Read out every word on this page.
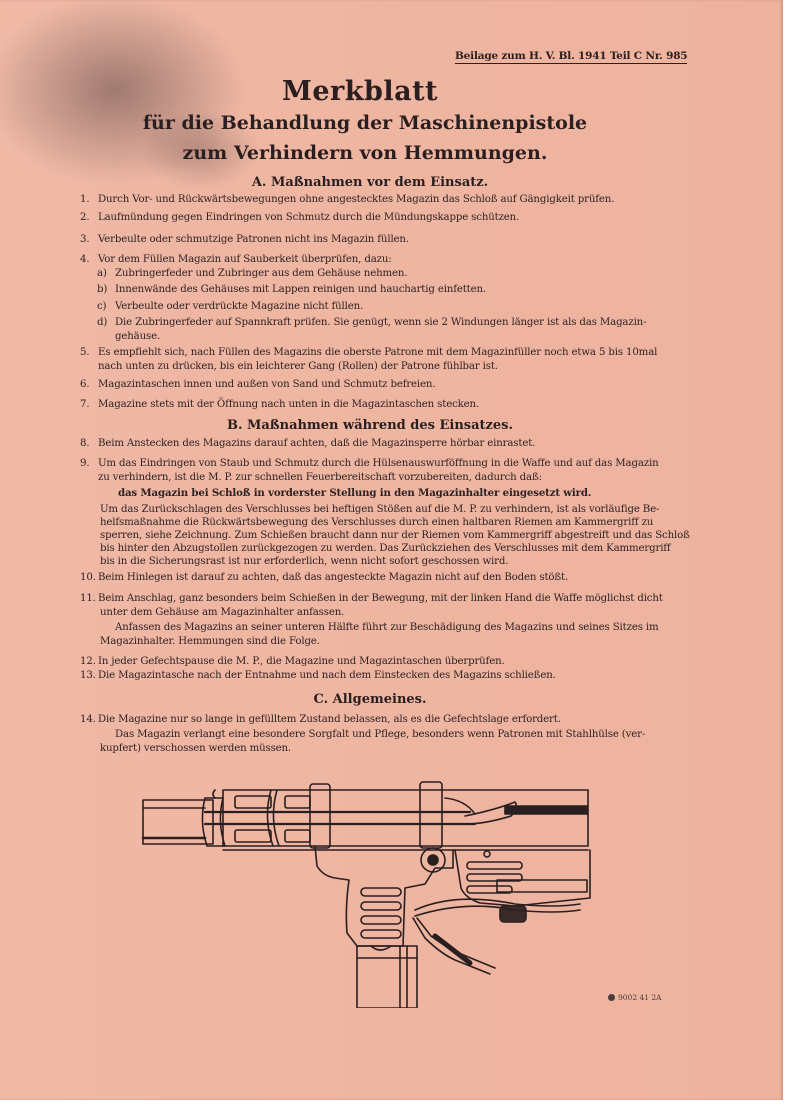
Beilage zum H. V. Bl. 1941 Teil C Nr. 985
Merkblatt
für die Behandlung der Maschinenpistole
zum Verhindern von Hemmungen.
A. Maßnahmen vor dem Einsatz.
1. Durch Vor- und Rückwärtsbewegungen ohne angestecktes Magazin das Schloß auf Gängigkeit prüfen.
2. Laufmündung gegen Eindringen von Schmutz durch die Mündungskappe schützen.
3. Verbeulte oder schmutzige Patronen nicht ins Magazin füllen.
4. Vor dem Füllen Magazin auf Sauberkeit überprüfen, dazu:
a) Zubringerfeder und Zubringer aus dem Gehäuse nehmen.
b) Innenwände des Gehäuses mit Lappen reinigen und hauchartig einfetten.
c) Verbeulte oder verdrückte Magazine nicht füllen.
d) Die Zubringerfeder auf Spannkraft prüfen. Sie genügt, wenn sie 2 Windungen länger ist als das Magazin-
gehäuse.
5. Es empfiehlt sich, nach Füllen des Magazins die oberste Patrone mit dem Magazinfüller noch etwa 5 bis 10mal
nach unten zu drücken, bis ein leichterer Gang (Rollen) der Patrone fühlbar ist.
6. Magazintaschen innen und außen von Sand und Schmutz befreien.
7. Magazine stets mit der Öffnung nach unten in die Magazintaschen stecken.
B. Maßnahmen während des Einsatzes.
8. Beim Anstecken des Magazins darauf achten, daß die Magazinsperre hörbar einrastet.
9. Um das Eindringen von Staub und Schmutz durch die Hülsenauswurföffnung in die Waffe und auf das Magazin
zu verhindern, ist die M. P. zur schnellen Feuerbereitschaft vorzubereiten, dadurch daß:
das Magazin bei Schloß in vorderster Stellung in den Magazinhalter eingesetzt wird.
Um das Zurückschlagen des Verschlusses bei heftigen Stößen auf die M. P. zu verhindern, ist als vorläufige Be-
helfsmaßnahme die Rückwärtsbewegung des Verschlusses durch einen haltbaren Riemen am Kammergriff zu
sperren, siehe Zeichnung. Zum Schießen braucht dann nur der Riemen vom Kammergriff abgestreift und das Schloß
bis hinter den Abzugstollen zurückgezogen zu werden. Das Zurückziehen des Verschlusses mit dem Kammergriff
bis in die Sicherungsrast ist nur erforderlich, wenn nicht sofort geschossen wird.
10. Beim Hinlegen ist darauf zu achten, daß das angesteckte Magazin nicht auf den Boden stößt.
11. Beim Anschlag, ganz besonders beim Schießen in der Bewegung, mit der linken Hand die Waffe möglichst dicht
unter dem Gehäuse am Magazinhalter anfassen.
Anfassen des Magazins an seiner unteren Hälfte führt zur Beschädigung des Magazins und seines Sitzes im
Magazinhalter. Hemmungen sind die Folge.
12. In jeder Gefechtspause die M. P., die Magazine und Magazintaschen überprüfen.
13. Die Magazintasche nach der Entnahme und nach dem Einstecken des Magazins schließen.
C. Allgemeines.
14. Die Magazine nur so lange in gefülltem Zustand belassen, als es die Gefechtslage erfordert.
Das Magazin verlangt eine besondere Sorgfalt und Pflege, besonders wenn Patronen mit Stahlhülse (ver-
kupfert) verschossen werden müssen.
9002 41 2A
